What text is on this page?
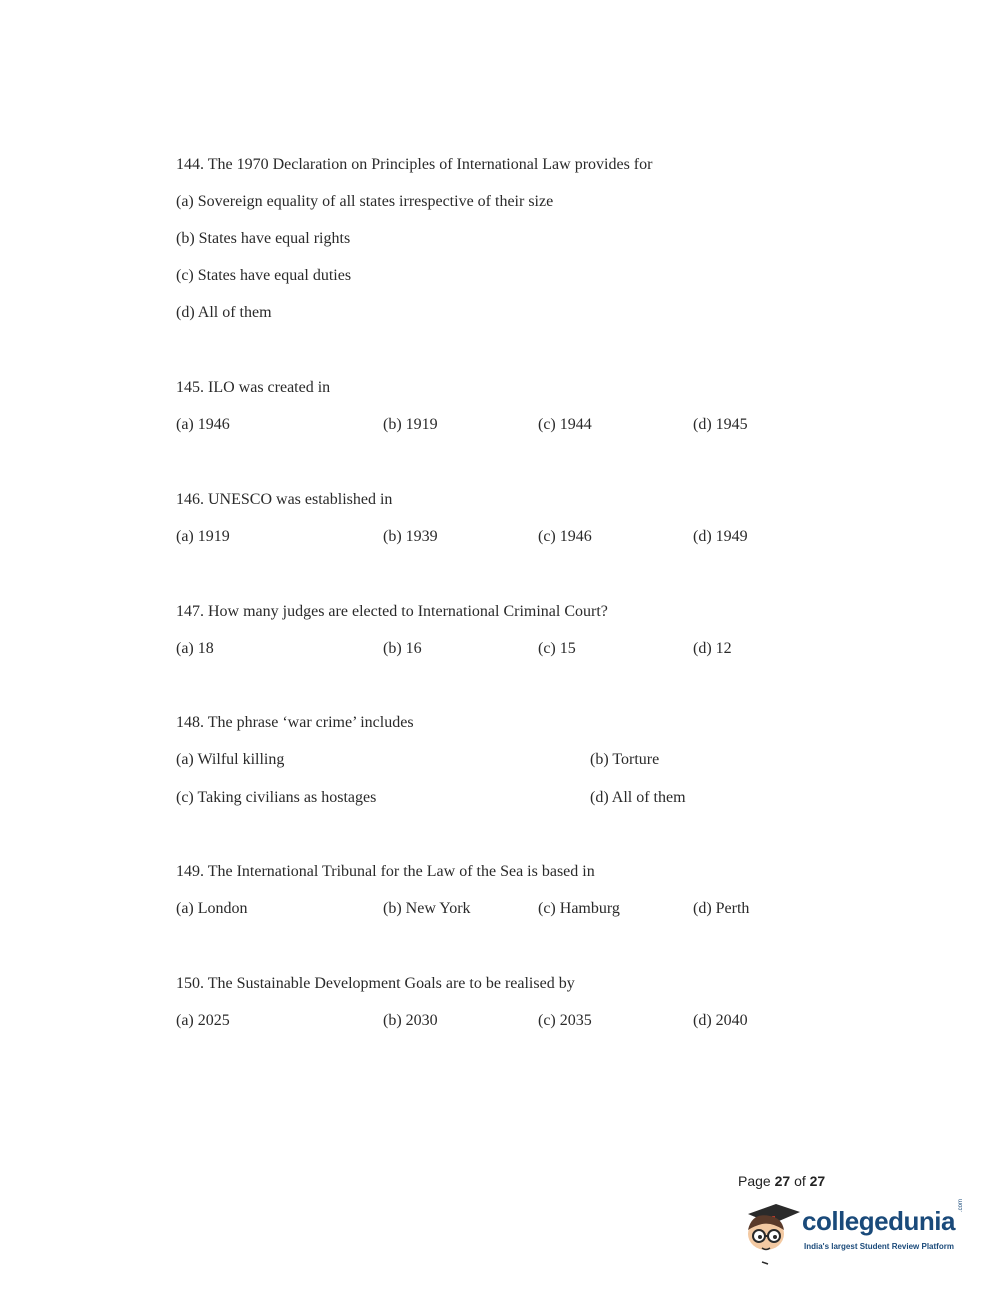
144. The 1970 Declaration on Principles of International Law provides for
(a) Sovereign equality of all states irrespective of their size
(b) States have equal rights
(c) States have equal duties
(d) All of them
145. ILO was created in
(a) 1946	(b) 1919	(c) 1944	(d) 1945
146. UNESCO was established in
(a) 1919	(b) 1939	(c) 1946	(d) 1949
147. How many judges are elected to International Criminal Court?
(a) 18	(b) 16	(c) 15	(d) 12
148. The phrase ‘war crime’ includes
(a) Wilful killing	(b) Torture
(c) Taking civilians as hostages	(d) All of them
149. The International Tribunal for the Law of the Sea is based in
(a) London	(b) New York	(c) Hamburg	(d) Perth
150. The Sustainable Development Goals are to be realised by
(a) 2025	(b) 2030	(c) 2035	(d) 2040
Page 27 of 27
collegedunia
.com
India's largest Student Review Platform
